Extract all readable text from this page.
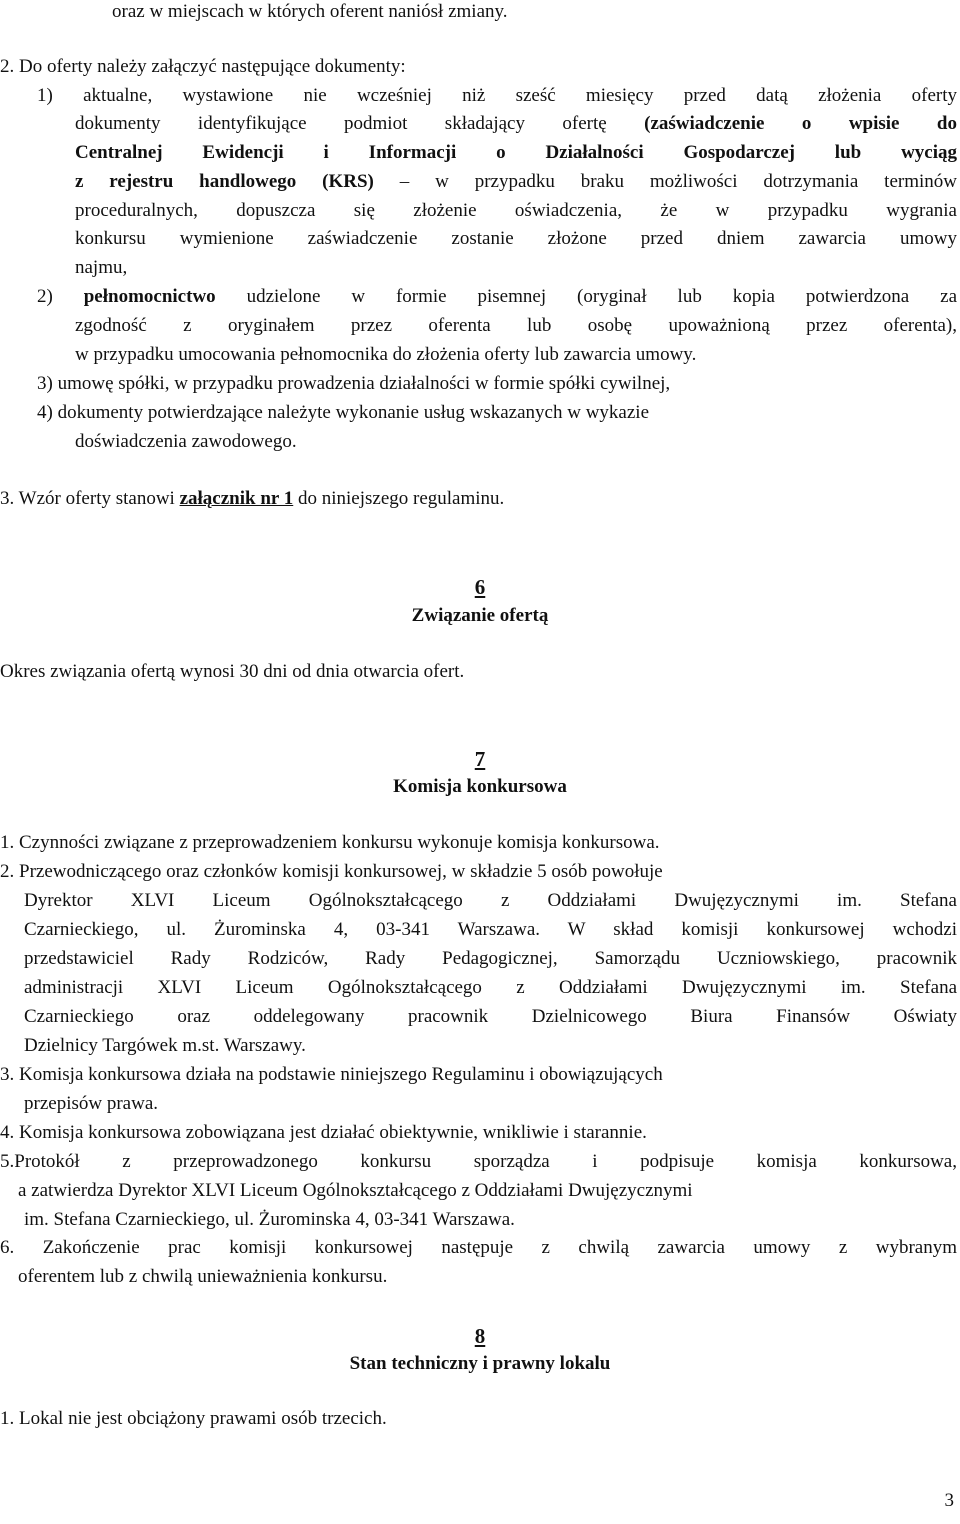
oraz w miejscach w których oferent naniósł zmiany.
2. Do oferty należy załączyć następujące dokumenty:
1) aktualne, wystawione nie wcześniej niż sześć miesięcy przed datą złożenia oferty
dokumenty identyfikujące podmiot składający ofertę (zaświadczenie o wpisie do
Centralnej Ewidencji i Informacji o Działalności Gospodarczej lub wyciąg
z rejestru handlowego (KRS) – w przypadku braku możliwości dotrzymania terminów
proceduralnych, dopuszcza się złożenie oświadczenia, że w przypadku wygrania
konkursu wymienione zaświadczenie zostanie złożone przed dniem zawarcia umowy
najmu,
2) pełnomocnictwo udzielone w formie pisemnej (oryginał lub kopia potwierdzona za
zgodność z oryginałem przez oferenta lub osobę upoważnioną przez oferenta),
w przypadku umocowania pełnomocnika do złożenia oferty lub zawarcia umowy.
3) umowę spółki, w przypadku prowadzenia działalności w formie spółki cywilnej,
4) dokumenty potwierdzające należyte wykonanie usług wskazanych w wykazie
doświadczenia zawodowego.
3. Wzór oferty stanowi załącznik nr 1 do niniejszego regulaminu.
6
Związanie ofertą
Okres związania ofertą wynosi 30 dni od dnia otwarcia ofert.
7
Komisja konkursowa
1. Czynności związane z przeprowadzeniem konkursu wykonuje komisja konkursowa.
2. Przewodniczącego oraz członków komisji konkursowej, w składzie 5 osób powołuje
Dyrektor XLVI Liceum Ogólnokształcącego z Oddziałami Dwujęzycznymi im. Stefana
Czarnieckiego, ul. Żurominska 4, 03-341 Warszawa. W skład komisji konkursowej wchodzi
przedstawiciel Rady Rodziców, Rady Pedagogicznej, Samorządu Uczniowskiego, pracownik
administracji XLVI Liceum Ogólnokształcącego z Oddziałami Dwujęzycznymi im. Stefana
Czarnieckiego oraz oddelegowany pracownik Dzielnicowego Biura Finansów Oświaty
Dzielnicy Targówek m.st. Warszawy.
3. Komisja konkursowa działa na podstawie niniejszego Regulaminu i obowiązujących
przepisów prawa.
4. Komisja konkursowa zobowiązana jest działać obiektywnie, wnikliwie i starannie.
5.Protokół z przeprowadzonego konkursu sporządza i podpisuje komisja konkursowa,
a zatwierdza Dyrektor XLVI Liceum Ogólnokształcącego z Oddziałami Dwujęzycznymi
im. Stefana Czarnieckiego, ul. Żurominska 4, 03-341 Warszawa.
6. Zakończenie prac komisji konkursowej następuje z chwilą zawarcia umowy z wybranym
oferentem lub z chwilą unieważnienia konkursu.
8
Stan techniczny i prawny lokalu
1. Lokal nie jest obciążony prawami osób trzecich.
3
